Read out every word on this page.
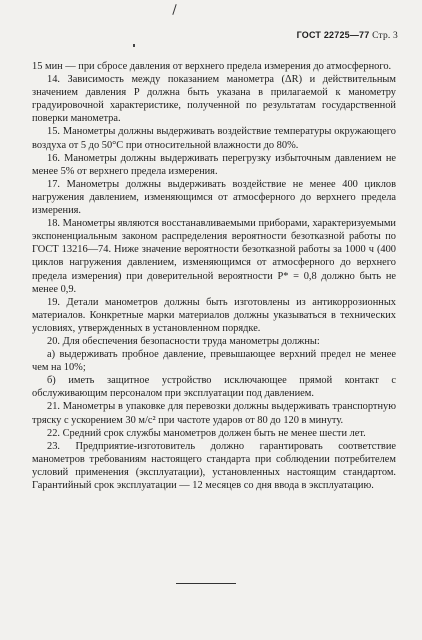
ГОСТ 22725—77 Стр. 3

15 мин — при сбросе давления от верхнего предела измерения до атмосферного.

14. Зависимость между показанием манометра (ΔR) и действительным значением давления P должна быть указана в прилагаемой к манометру градуировочной характеристике, полученной по результатам государственной поверки манометра.

15. Манометры должны выдерживать воздействие температуры окружающего воздуха от 5 до 50°C при относительной влажности до 80%.

16. Манометры должны выдерживать перегрузку избыточным давлением не менее 5% от верхнего предела измерения.

17. Манометры должны выдерживать воздействие не менее 400 циклов нагружения давлением, изменяющимся от атмосферного до верхнего предела измерения.

18. Манометры являются восстанавливаемыми приборами, характеризуемыми экспоненциальным законом распределения вероятности безотказной работы по ГОСТ 13216—74. Ниже значение вероятности безотказной работы за 1000 ч (400 циклов нагружения давлением, изменяющимся от атмосферного до верхнего предела измерения) при доверительной вероятности P* = 0,8 должно быть не менее 0,9.

19. Детали манометров должны быть изготовлены из антикоррозионных материалов. Конкретные марки материалов должны указываться в технических условиях, утвержденных в установленном порядке.

20. Для обеспечения безопасности труда манометры должны:

а) выдерживать пробное давление, превышающее верхний предел не менее чем на 10%;

б) иметь защитное устройство исключающее прямой контакт с обслуживающим персоналом при эксплуатации под давлением.

21. Манометры в упаковке для перевозки должны выдерживать транспортную тряску с ускорением 30 м/с² при частоте ударов от 80 до 120 в минуту.

22. Средний срок службы манометров должен быть не менее шести лет.

23. Предприятие-изготовитель должно гарантировать соответствие манометров требованиям настоящего стандарта при соблюдении потребителем условий применения (эксплуатации), установленных настоящим стандартом. Гарантийный срок эксплуатации — 12 месяцев со дня ввода в эксплуатацию.
